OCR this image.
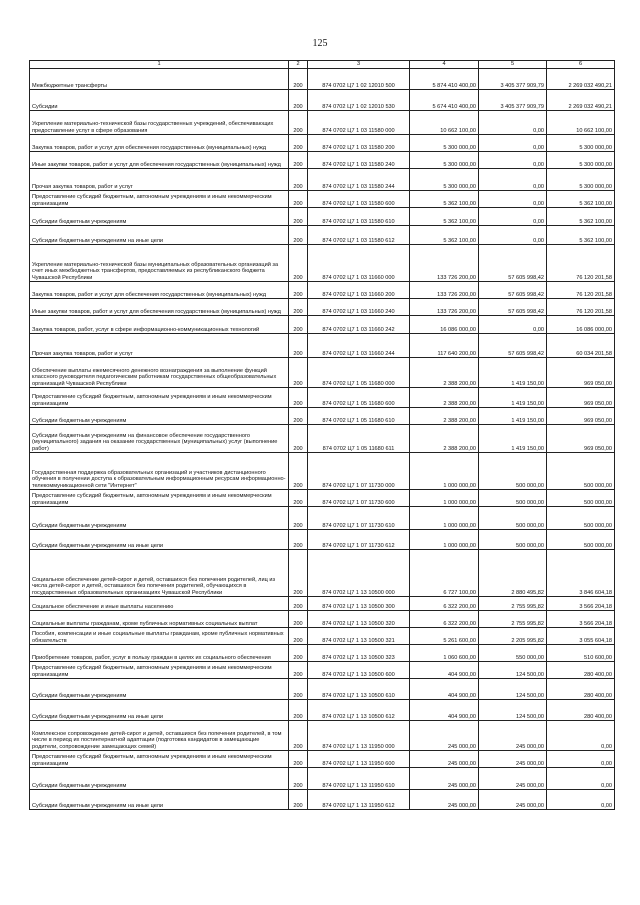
125
1	2	3	4	5	6
Межбюджетные трансферты	200	874 0702 Ц7 1 02 12010 500	5 874 410 400,00	3 405 377 909,79	2 269 032 490,21
Субсидии	200	874 0702 Ц7 1 02 12010 530	5 674 410 400,00	3 405 377 909,79	2 269 032 490,21
Укрепление материально-технической базы государственных учреждений, обеспечивающих предоставление услуг в сфере образования	200	874 0702 Ц7 1 03 11580 000	10 662 100,00	0,00	10 662 100,00
Закупка товаров, работ и услуг для обеспечения государственных (муниципальных) нужд	200	874 0702 Ц7 1 03 11580 200	5 300 000,00	0,00	5 300 000,00
Иные закупки товаров, работ и услуг для обеспечения государственных (муниципальных) нужд	200	874 0702 Ц7 1 03 11580 240	5 300 000,00	0,00	5 300 000,00
Прочая закупка товаров, работ и услуг	200	874 0702 Ц7 1 03 11580 244	5 300 000,00	0,00	5 300 000,00
Предоставление субсидий бюджетным, автономным учреждениям и иным некоммерческим организациям	200	874 0702 Ц7 1 03 11580 600	5 362 100,00	0,00	5 362 100,00
Субсидии бюджетным учреждениям	200	874 0702 Ц7 1 03 11580 610	5 362 100,00	0,00	5 362 100,00
Субсидии бюджетным учреждениям на иные цели	200	874 0702 Ц7 1 03 11580 612	5 362 100,00	0,00	5 362 100,00
Укрепление материально-технической базы муниципальных образовательных организаций за счет иных межбюджетных трансфертов, предоставляемых из республиканского бюджета Чувашской Республики	200	874 0702 Ц7 1 03 11660 000	133 726 200,00	57 605 998,42	76 120 201,58
Закупка товаров, работ и услуг для обеспечения государственных (муниципальных) нужд	200	874 0702 Ц7 1 03 11660 200	133 726 200,00	57 605 998,42	76 120 201,58
Иные закупки товаров, работ и услуг для обеспечения государственных (муниципальных) нужд	200	874 0702 Ц7 1 03 11660 240	133 726 200,00	57 605 998,42	76 120 201,58
Закупка товаров, работ, услуг в сфере информационно-коммуникационных технологий	200	874 0702 Ц7 1 03 11660 242	16 086 000,00	0,00	16 086 000,00
Прочая закупка товаров, работ и услуг	200	874 0702 Ц7 1 03 11660 244	117 640 200,00	57 605 998,42	60 034 201,58
Обеспечение выплаты ежемесячного денежного вознаграждения за выполнение функций классного руководителя педагогическим работникам государственных общеобразовательных организаций Чувашской Республики	200	874 0702 Ц7 1 05 11680 000	2 388 200,00	1 419 150,00	969 050,00
Предоставление субсидий бюджетным, автономным учреждениям и иным некоммерческим организациям	200	874 0702 Ц7 1 05 11680 600	2 388 200,00	1 419 150,00	969 050,00
Субсидии бюджетным учреждениям	200	874 0702 Ц7 1 05 11680 610	2 388 200,00	1 419 150,00	969 050,00
Субсидии бюджетным учреждениям на финансовое обеспечение государственного (муниципального) задания на оказание государственных (муниципальных) услуг (выполнение работ)	200	874 0702 Ц7 1 05 11680 611	2 388 200,00	1 419 150,00	969 050,00
Государственная поддержка образовательных организаций и участников дистанционного обучения в получении доступа к образовательным информационным ресурсам информационно-телекоммуникационной сети "Интернет"	200	874 0702 Ц7 1 07 11730 000	1 000 000,00	500 000,00	500 000,00
Предоставление субсидий бюджетным, автономным учреждениям и иным некоммерческим организациям	200	874 0702 Ц7 1 07 11730 600	1 000 000,00	500 000,00	500 000,00
Субсидии бюджетным учреждениям	200	874 0702 Ц7 1 07 11730 610	1 000 000,00	500 000,00	500 000,00
Субсидии бюджетным учреждениям на иные цели	200	874 0702 Ц7 1 07 11730 612	1 000 000,00	500 000,00	500 000,00
Социальное обеспечение детей-сирот и детей, оставшихся без попечения родителей, лиц из числа детей-сирот и детей, оставшихся без попечения родителей, обучающихся в государственных образовательных организациях Чувашской Республики	200	874 0702 Ц7 1 13 10500 000	6 727 100,00	2 880 495,82	3 846 604,18
Социальное обеспечение и иные выплаты населению	200	874 0702 Ц7 1 13 10500 300	6 322 200,00	2 755 995,82	3 566 204,18
Социальные выплаты гражданам, кроме публичных нормативных социальных выплат	200	874 0702 Ц7 1 13 10500 320	6 322 200,00	2 755 995,82	3 566 204,18
Пособия, компенсации и иные социальные выплаты гражданам, кроме публичных нормативных обязательств	200	874 0702 Ц7 1 13 10500 321	5 261 600,00	2 205 995,82	3 055 604,18
Приобретение товаров, работ, услуг в пользу граждан в целях их социального обеспечения	200	874 0702 Ц7 1 13 10500 323	1 060 600,00	550 000,00	510 600,00
Предоставление субсидий бюджетным, автономным учреждениям и иным некоммерческим организациям	200	874 0702 Ц7 1 13 10500 600	404 900,00	124 500,00	280 400,00
Субсидии бюджетным учреждениям	200	874 0702 Ц7 1 13 10500 610	404 900,00	124 500,00	280 400,00
Субсидии бюджетным учреждениям на иные цели	200	874 0702 Ц7 1 13 10500 612	404 900,00	124 500,00	280 400,00
Комплексное сопровождение детей-сирот и детей, оставшихся без попечения родителей, в том числе в период их постинтернатной адаптации (подготовка кандидатов в замещающие родители, сопровождение замещающих семей)	200	874 0702 Ц7 1 13 11950 000	245 000,00	245 000,00	0,00
Предоставление субсидий бюджетным, автономным учреждениям и иным некоммерческим организациям	200	874 0702 Ц7 1 13 11950 600	245 000,00	245 000,00	0,00
Субсидии бюджетным учреждениям	200	874 0702 Ц7 1 13 11950 610	245 000,00	245 000,00	0,00
Субсидии бюджетным учреждениям на иные цели	200	874 0702 Ц7 1 13 11950 612	245 000,00	245 000,00	0,00
